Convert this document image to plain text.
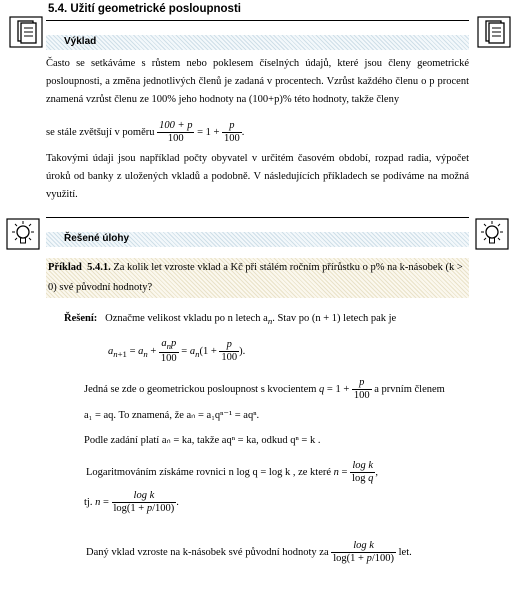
5.4. Užití geometrické posloupnosti
Výklad
Často se setkáváme s růstem nebo poklesem číselných údajů, které jsou členy geometrické posloupnosti, a změna jednotlivých členů je zadaná v procentech. Vzrůst každého členu o p procent znamená vzrůst členu ze 100% jeho hodnoty na (100+p)% této hodnoty, takže členy
se stále zvětšují v poměru $\frac{100 + p}{100} = 1 + \frac{p}{100}$ .
Takovými údaji jsou například počty obyvatel v určitém časovém období, rozpad radia, výpočet úroků od banky z uložených vkladů a podobně. V následujících příkladech se podíváme na možná využití.
Řešené úlohy
Příklad 5.4.1. Za kolik let vzroste vklad a Kč při stálém ročním přírůstku o p% na k-násobek (k > 0) své původní hodnoty?
Řešení: Označme velikost vkladu po n letech $a_n$. Stav po (n + 1) letech pak je
$a_{n+1} = a_n + \frac{a_np}{100} = a_n(1 + \frac{p}{100}$ ).
Jedná se zde o geometrickou posloupnost s kvocientem $q = 1 + \frac{p}{100}$ a prvním členem
a₁ = aq. To znamená, že aₙ = a₁qⁿ⁻¹ = aqⁿ.
Podle zadání platí aₙ = ka, takže aqⁿ = ka, odkud qⁿ = k .
Logaritmováním získáme rovnici n log q = log k , ze které $n = \frac{\text{log k}}{\text{log q}}$ ,
tj. $n = \frac{\text{log k}}{\log(1 + p/100)}$ .
Daný vklad vzroste na k-násobek své původní hodnoty za $\frac{\text{log k}}{\log(1 + p/100)}$ let.
